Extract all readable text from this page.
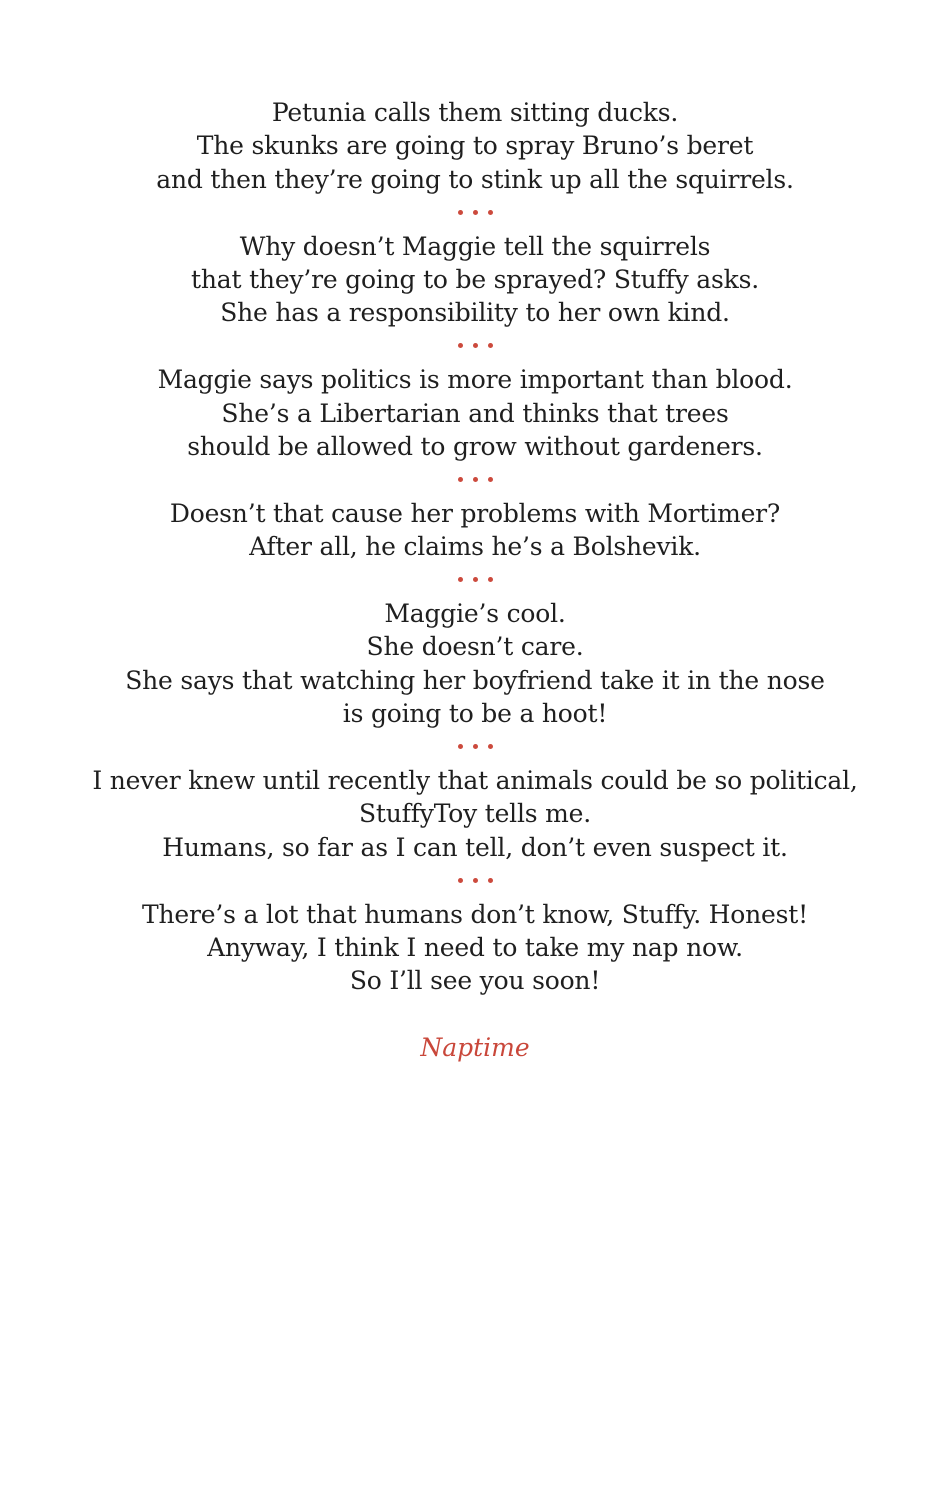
Petunia calls them sitting ducks.
The skunks are going to spray Bruno’s beret
and then they’re going to stink up all the squirrels.
Why doesn’t Maggie tell the squirrels
that they’re going to be sprayed? Stuffy asks.
She has a responsibility to her own kind.
Maggie says politics is more important than blood.
She’s a Libertarian and thinks that trees
should be allowed to grow without gardeners.
Doesn’t that cause her problems with Mortimer?
After all, he claims he’s a Bolshevik.
Maggie’s cool.
She doesn’t care.
She says that watching her boyfriend take it in the nose
is going to be a hoot!
I never knew until recently that animals could be so political,
StuffyToy tells me.
Humans, so far as I can tell, don’t even suspect it.
There’s a lot that humans don’t know, Stuffy. Honest!
Anyway, I think I need to take my nap now.
So I’ll see you soon!
Naptime
